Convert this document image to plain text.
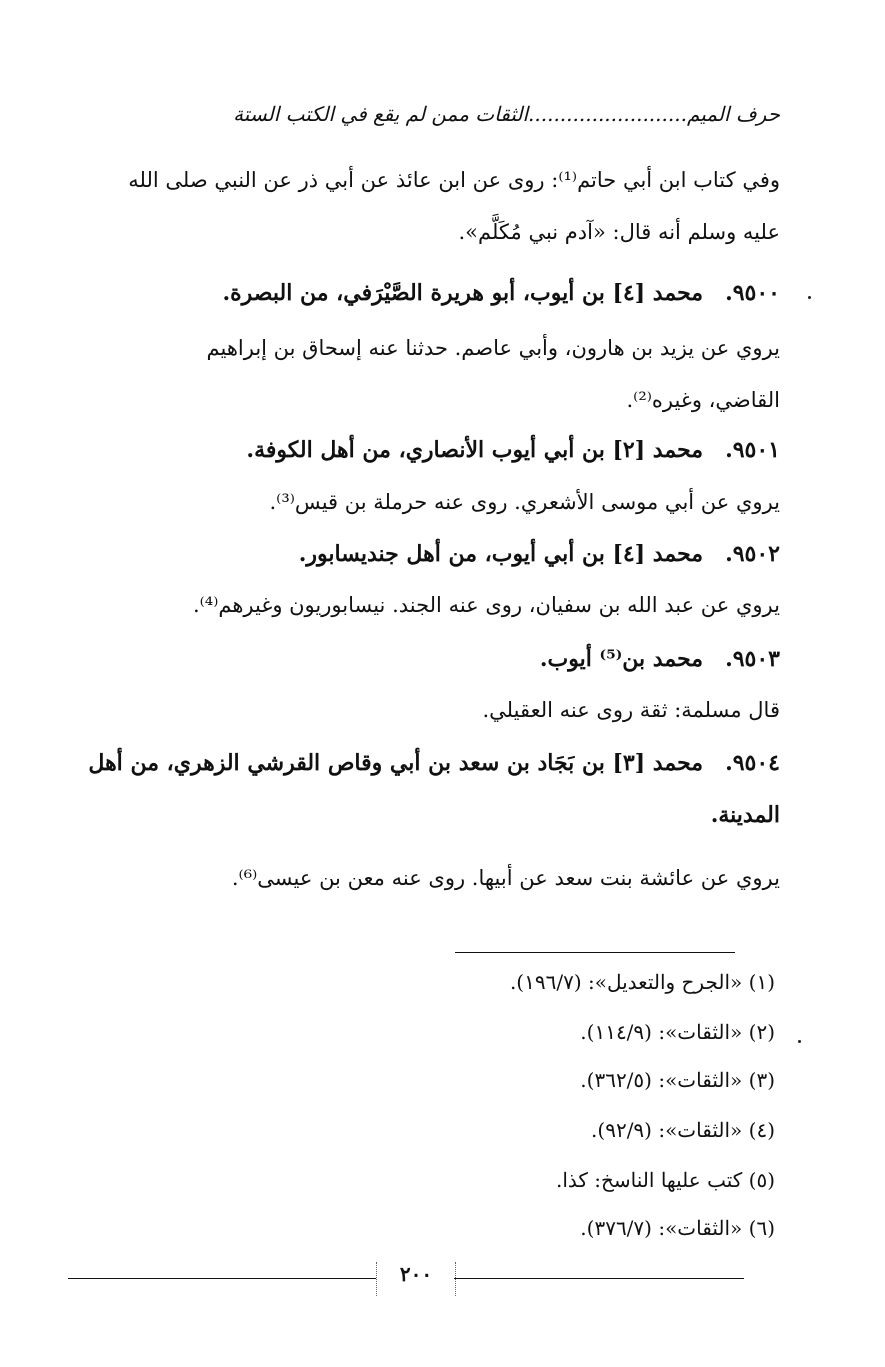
حرف الميم.........................الثقات ممن لم يقع في الكتب الستة
وفي كتاب ابن أبي حاتم⁽¹⁾: روى عن ابن عائذ عن أبي ذر عن النبي صلى الله
عليه وسلم أنه قال: «آدم نبي مُكَلَّم».
٩٥٠٠.محمد [٤] بن أيوب، أبو هريرة الصَّيْرَفي، من البصرة.
يروي عن يزيد بن هارون، وأبي عاصم. حدثنا عنه إسحاق بن إبراهيم
القاضي، وغيره⁽²⁾.
٩٥٠١.محمد [٢] بن أبي أيوب الأنصاري، من أهل الكوفة.
يروي عن أبي موسى الأشعري. روى عنه حرملة بن قيس⁽³⁾.
٩٥٠٢.محمد [٤] بن أبي أيوب، من أهل جنديسابور.
يروي عن عبد الله بن سفيان، روى عنه الجند. نيسابوريون وغيرهم⁽⁴⁾.
٩٥٠٣.محمد بن⁽⁵⁾ أيوب.
قال مسلمة: ثقة روى عنه العقيلي.
٩٥٠٤.محمد [٣] بن بَجَاد بن سعد بن أبي وقاص القرشي الزهري، من أهل
المدينة.
يروي عن عائشة بنت سعد عن أبيها. روى عنه معن بن عيسى⁽⁶⁾.
(١) «الجرح والتعديل»: (١٩٦/٧).
(٢) «الثقات»: (١١٤/٩).
(٣) «الثقات»: (٣٦٢/٥).
(٤) «الثقات»: (٩٢/٩).
(٥) كتب عليها الناسخ: كذا.
(٦) «الثقات»: (٣٧٦/٧).
٢٠٠
